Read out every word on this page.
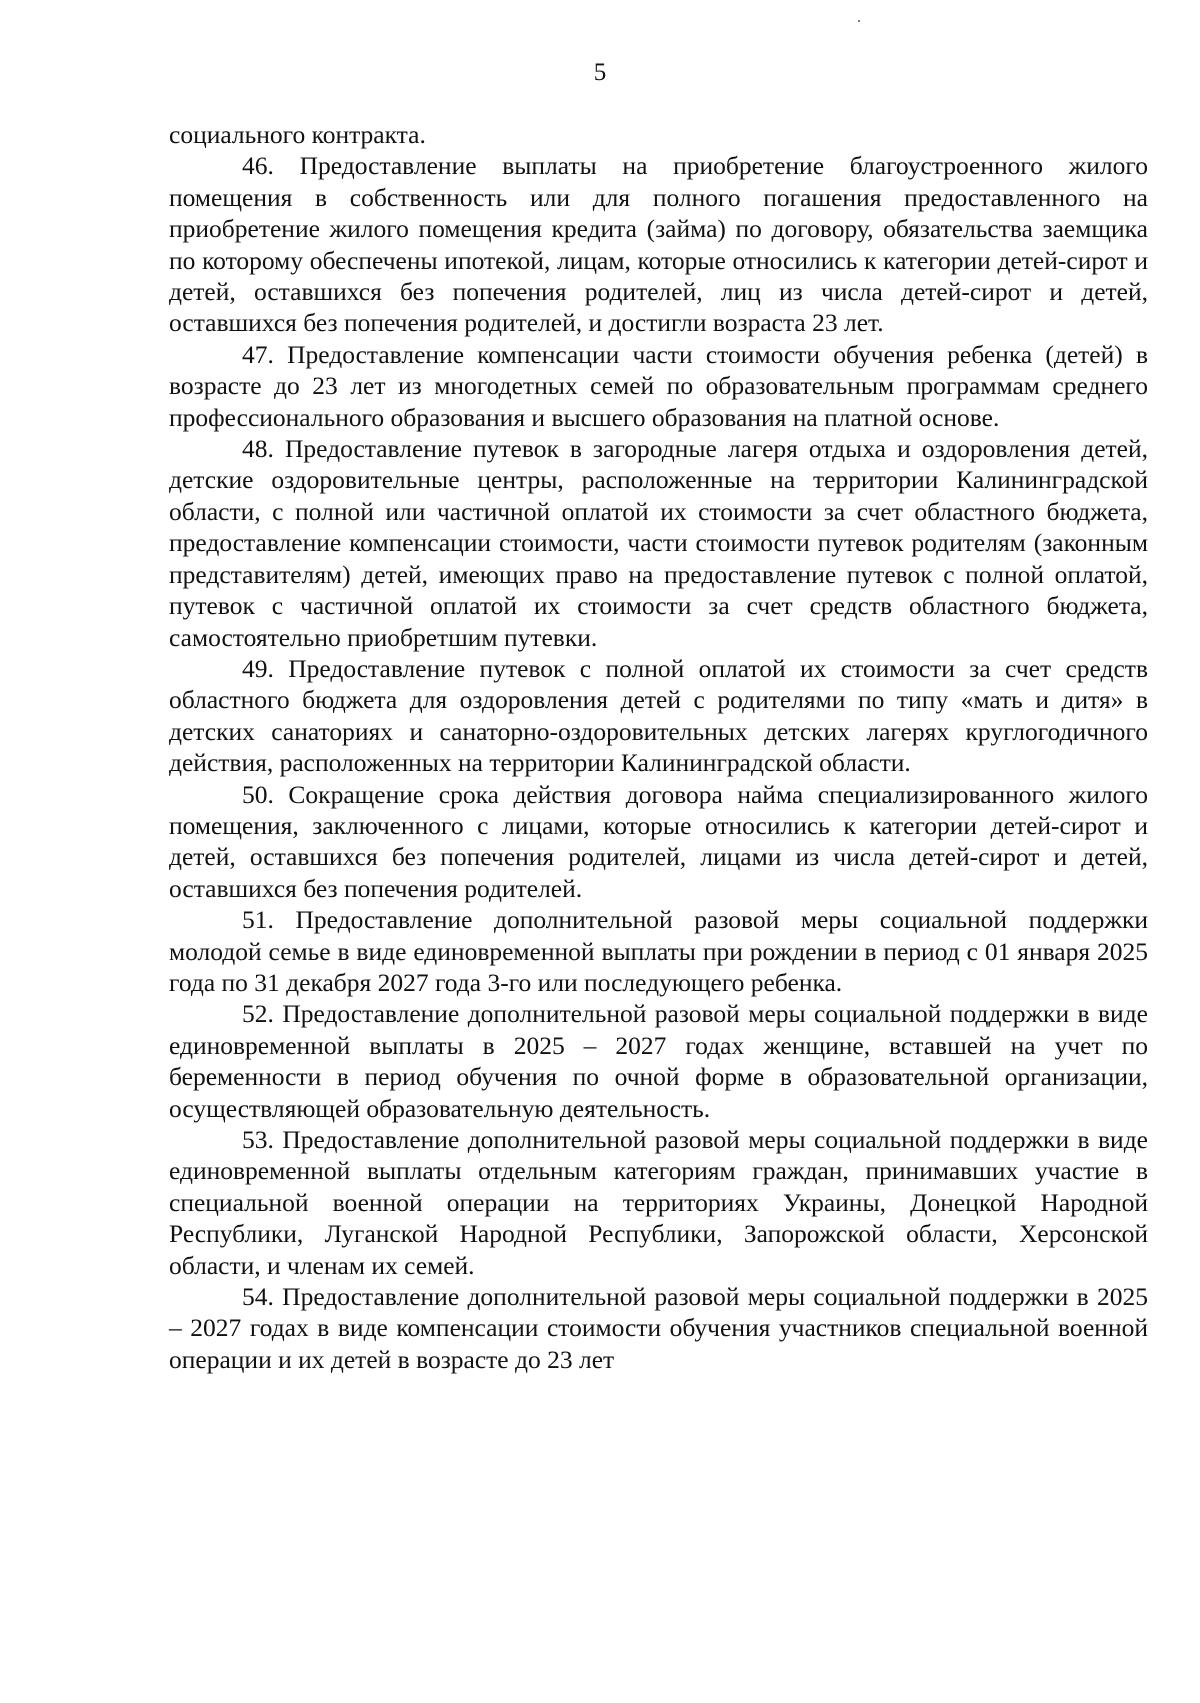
5

социального контракта.

46. Предоставление выплаты на приобретение благоустроенного жилого помещения в собственность или для полного погашения предоставленного на приобретение жилого помещения кредита (займа) по договору, обязательства заемщика по которому обеспечены ипотекой, лицам, которые относились к категории детей-сирот и детей, оставшихся без попечения родителей, лиц из числа детей-сирот и детей, оставшихся без попечения родителей, и достигли возраста 23 лет.

47. Предоставление компенсации части стоимости обучения ребенка (детей) в возрасте до 23 лет из многодетных семей по образовательным программам среднего профессионального образования и высшего образования на платной основе.

48. Предоставление путевок в загородные лагеря отдыха и оздоровления детей, детские оздоровительные центры, расположенные на территории Калининградской области, с полной или частичной оплатой их стоимости за счет областного бюджета, предоставление компенсации стоимости, части стоимости путевок родителям (законным представителям) детей, имеющих право на предоставление путевок с полной оплатой, путевок с частичной оплатой их стоимости за счет средств областного бюджета, самостоятельно приобретшим путевки.

49. Предоставление путевок с полной оплатой их стоимости за счет средств областного бюджета для оздоровления детей с родителями по типу «мать и дитя» в детских санаториях и санаторно-оздоровительных детских лагерях круглогодичного действия, расположенных на территории Калининградской области.

50. Сокращение срока действия договора найма специализированного жилого помещения, заключенного с лицами, которые относились к категории детей-сирот и детей, оставшихся без попечения родителей, лицами из числа детей-сирот и детей, оставшихся без попечения родителей.

51. Предоставление дополнительной разовой меры социальной поддержки молодой семье в виде единовременной выплаты при рождении в период с 01 января 2025 года по 31 декабря 2027 года 3-го или последующего ребенка.

52. Предоставление дополнительной разовой меры социальной поддержки в виде единовременной выплаты в 2025 – 2027 годах женщине, вставшей на учет по беременности в период обучения по очной форме в образовательной организации, осуществляющей образовательную деятельность.

53. Предоставление дополнительной разовой меры социальной поддержки в виде единовременной выплаты отдельным категориям граждан, принимавших участие в специальной военной операции на территориях Украины, Донецкой Народной Республики, Луганской Народной Республики, Запорожской области, Херсонской области, и членам их семей.

54. Предоставление дополнительной разовой меры социальной поддержки в 2025 – 2027 годах в виде компенсации стоимости обучения участников специальной военной операции и их детей в возрасте до 23 лет
